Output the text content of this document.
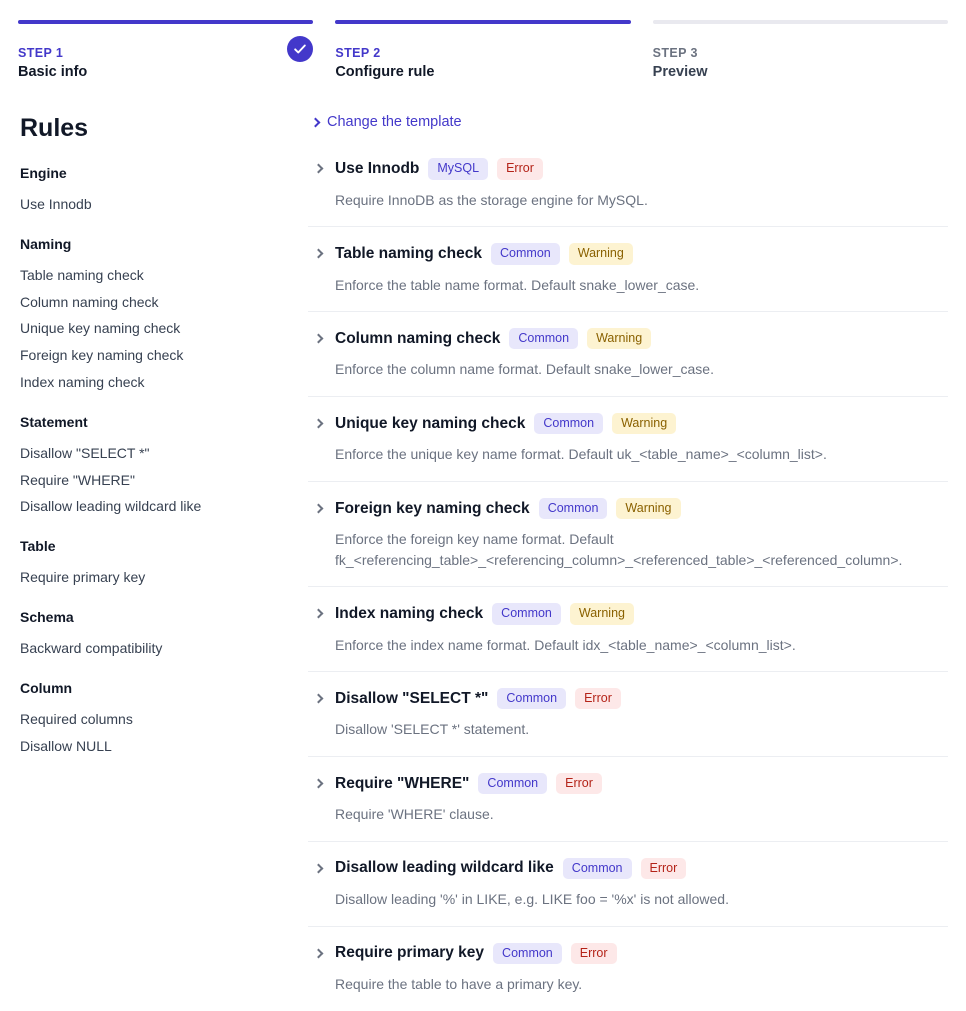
STEP 1
Basic info
STEP 2
Configure rule
STEP 3
Preview
Rules
Engine
Use Innodb
Naming
Table naming check
Column naming check
Unique key naming check
Foreign key naming check
Index naming check
Statement
Disallow "SELECT *"
Require "WHERE"
Disallow leading wildcard like
Table
Require primary key
Schema
Backward compatibility
Column
Required columns
Disallow NULL
Change the template
Use Innodb	MySQL	Error
Require InnoDB as the storage engine for MySQL.
Table naming check	Common	Warning
Enforce the table name format. Default snake_lower_case.
Column naming check	Common	Warning
Enforce the column name format. Default snake_lower_case.
Unique key naming check	Common	Warning
Enforce the unique key name format. Default uk_<table_name>_<column_list>.
Foreign key naming check	Common	Warning
Enforce the foreign key name format. Default fk_<referencing_table>_<referencing_column>_<referenced_table>_<referenced_column>.
Index naming check	Common	Warning
Enforce the index name format. Default idx_<table_name>_<column_list>.
Disallow "SELECT *"	Common	Error
Disallow 'SELECT *' statement.
Require "WHERE"	Common	Error
Require 'WHERE' clause.
Disallow leading wildcard like	Common	Error
Disallow leading '%' in LIKE, e.g. LIKE foo = '%x' is not allowed.
Require primary key	Common	Error
Require the table to have a primary key.
